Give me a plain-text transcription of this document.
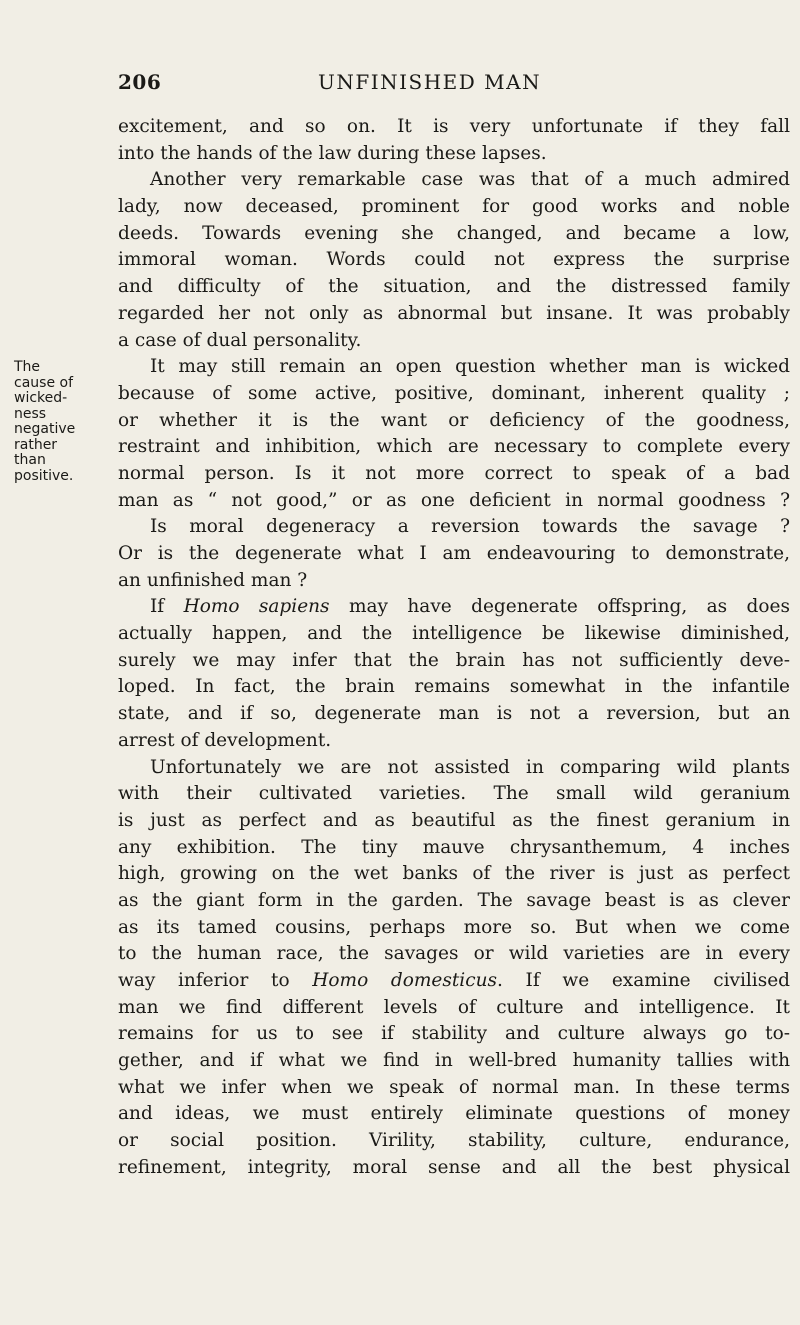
206	UNFINISHED MAN
The
cause of
wicked-
ness
negative
rather
than
positive.
excitement, and so on. It is very unfortunate if they fall
into the hands of the law during these lapses.
Another very remarkable case was that of a much admired
lady, now deceased, prominent for good works and noble
deeds. Towards evening she changed, and became a low,
immoral woman. Words could not express the surprise
and difficulty of the situation, and the distressed family
regarded her not only as abnormal but insane. It was probably
a case of dual personality.
It may still remain an open question whether man is wicked
because of some active, positive, dominant, inherent quality ;
or whether it is the want or deficiency of the goodness,
restraint and inhibition, which are necessary to complete every
normal person. Is it not more correct to speak of a bad
man as “ not good,” or as one deficient in normal goodness ?
Is moral degeneracy a reversion towards the savage ?
Or is the degenerate what I am endeavouring to demonstrate,
an unfinished man ?
If Homo sapiens may have degenerate offspring, as does
actually happen, and the intelligence be likewise diminished,
surely we may infer that the brain has not sufficiently deve-
loped. In fact, the brain remains somewhat in the infantile
state, and if so, degenerate man is not a reversion, but an
arrest of development.
Unfortunately we are not assisted in comparing wild plants
with their cultivated varieties. The small wild geranium
is just as perfect and as beautiful as the finest geranium in
any exhibition. The tiny mauve chrysanthemum, 4 inches
high, growing on the wet banks of the river is just as perfect
as the giant form in the garden. The savage beast is as clever
as its tamed cousins, perhaps more so. But when we come
to the human race, the savages or wild varieties are in every
way inferior to Homo domesticus. If we examine civilised
man we find different levels of culture and intelligence. It
remains for us to see if stability and culture always go to-
gether, and if what we find in well-bred humanity tallies with
what we infer when we speak of normal man. In these terms
and ideas, we must entirely eliminate questions of money
or social position. Virility, stability, culture, endurance,
refinement, integrity, moral sense and all the best physical
